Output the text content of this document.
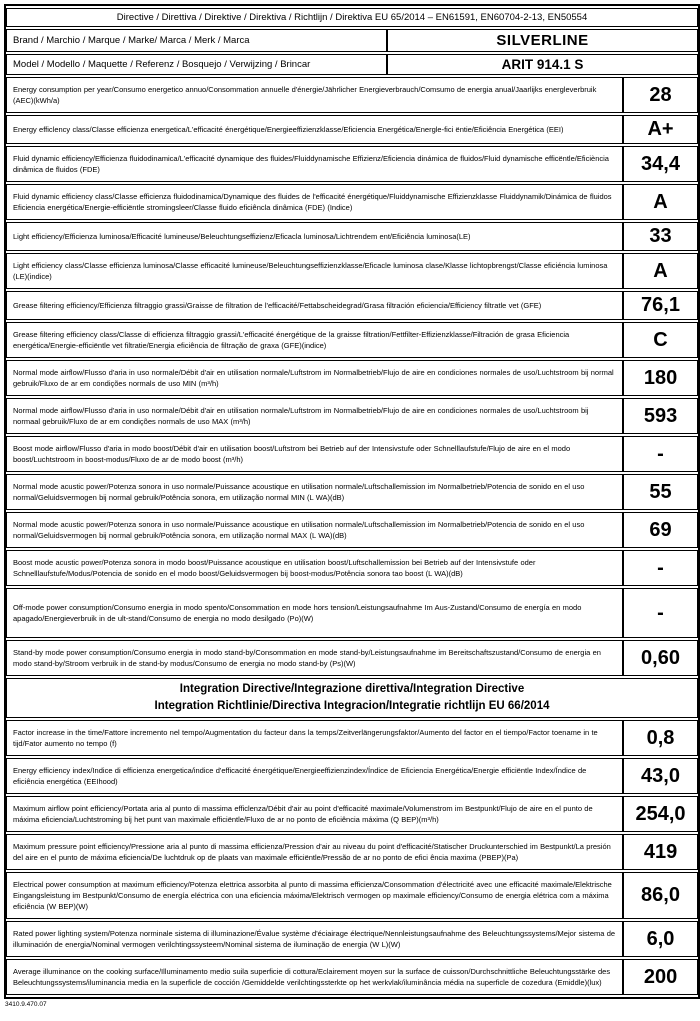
Directive / Direttiva / Direktive / Direktiva / Richtlijn / Direktiva EU 65/2014 – EN61591, EN60704-2-13, EN50554		
Brand / Marchio / Marque / Marke/ Marca / Merk / Marca	SILVERLINE	
Model / Modello / Maquette / Referenz / Bosquejo / Verwijzing / Brincar	ARIT 914.1 S	
Energy consumption per year/Consumo energetico annuo/Consommation annuelle d'énergie/Jährlicher Energieverbrauch/Comsumo de energia anual/Jaarlijks energleverbruik (AEC)(kWh/a)		28
Energy efficlency class/Classe efficienza energetica/L'efficacité énergétique/Energieeffizienzklasse/Eficiencia Energética/Energle-fici ëntie/Eficiência Energética (EEI)		A+
Fluid dynamic efficiency/Efficienza fluidodinamica/L'efficacité dynamique des fluides/Fluiddynamische Effizienz/Eficiencia dinámica de fluidos/Fluid dynamische efficëntle/Eficiència dinâmica de fluidos (FDE)		34,4
Fluid dynamic efficiency class/Classe efficienza fluidodinamica/Dynamique des fluides de l'efficacité énergétique/Fluiddynamische Effizienzklasse Fluiddynamik/Dinámica de fluidos Eficiencia energética/Energie-efficiëntle stromingsleer/Classe fluido eficiêncla dinâmica (FDE) (Indice)		A
Light efficiency/Efficienza luminosa/Efficacité lumineuse/Beleuchtungseffizienz/Eficacla luminosa/Lichtrendem ent/Eficiência luminosa(LE)		33
Light efficiency class/Classe efficienza luminosa/Classe efficacité lumineuse/Beleuchtungseffizienzklasse/Eficacle luminosa clase/Klasse lichtopbrengst/Classe eficiéncia luminosa (LE)(indice)		A
Grease filtering efficiency/Efficienza filtraggio grassi/Graisse de filtration de l'efficacité/Fettabscheidegrad/Grasa filtración eficiencia/Efficiency filtratle vet (GFE)		76,1
Grease filtering efficiency class/Classe di efficienza filtraggio grassi/L'efficacité énergétique de la graisse filtration/Fettfilter-Effizienzklasse/Filtración de grasa Eficiencia energética/Energie-efficiëntle vet filtratie/Energia eficiência de filtração de graxa (GFE)(indice)		C
Normal mode airflow/Flusso d'aria in uso normale/Débit d'air en utilisation normale/Luftstrom im Normalbetrieb/Flujo de aire en condiciones normales de uso/Luchtstroom bij normal gebruik/Fluxo de ar em condições normals de uso MIN (m³/h)		180
Normal mode airflow/Flusso d'aria in uso normale/Débit d'air en utilisation normale/Luftstrom im Normalbetrieb/Flujo de aire en condiciones normales de uso/Luchtstroom bij normaal gebruik/Fluxo de ar em condições normals de uso MAX (m³/h)		593
Boost mode airflow/Flusso d'aria in modo boost/Débit d'air en utilisation boost/Luftstrom bei Betrieb auf der Intensivstufe oder Schnelllaufstufe/Flujo de aire en el modo boost/Luchtstroom in boost-modus/Fluxo de ar de modo boost (m³/h)		-
Normal mode acustic power/Potenza sonora in uso normale/Puissance acoustique en utilisation normale/Luftschallemission im Normalbetrieb/Potencia de sonido en el uso normal/Geluidsvermogen bij normal gebruik/Potência sonora, em utilização normal MIN (L WA)(dB)		55
Normal mode acustic power/Potenza sonora in uso normale/Puissance acoustique en utilisation normale/Luftschallemission im Normalbetrieb/Potencia de sonido en el uso normal/Geluidsvermogen bij normal gebruik/Potência sonora, em utilização normal MAX (L WA)(dB)		69
Boost mode acustic power/Potenza sonora in modo boost/Puissance acoustique en utilisation boost/Luftschallemission bei Betrieb auf der Intensivstufe oder Schnelllaufstufe/Modus/Potencia de sonido en el modo boost/Geluidsvermogen bij boost-modus/Potência sonora tao boost (L WA)(dB)		-
Off-mode power consumption/Consumo energia in modo spento/Consommation en mode hors tension/Leistungsaufnahme Im Aus-Zustand/Consumo de energía en modo apagado/Energieverbruik in de ult-stand/Consumo de energia no modo desilgado (Po)(W)		-
Stand-by mode power consumption/Consumo energia in modo stand-by/Consommation en mode stand-by/Leistungsaufnahme im Bereitschaftszustand/Consumo de energia en modo stand-by/Stroom verbruik in de stand-by modus/Consumo de energia no modo stand-by (Ps)(W)		0,60

Integration Directive/Integrazione direttiva/Integration Directive
Integration Richtlinie/Directiva Integracion/Integratie richtlijn EU 66/2014		

Factor increase in the time/Fattore incremento nel tempo/Augmentation du facteur dans la temps/Zeitverlängerungsfaktor/Aumento del factor en el tiempo/Factor toename in te tijd/Fator aumento no tempo (f)		0,8
Energy efficiency index/Indice di efficienza energetica/indice d'efficacité énergétique/Energieeffizienzindex/Índice de Eficiencia Energética/Energie efficiëntle Index/Índice de eficiência energética (EEIhood)		43,0
Maximum airflow point efficiency/Portata aria al punto di massima efficlenza/Débit d'air au point d'efficacité maximale/Volumenstrom im Bestpunkt/Flujo de aire en el punto de máxima eficiencia/Luchtstroming bij het punt van maximale efficiëntle/Fluxo de ar no ponto de eficiência máxima (Q BEP)(m³/h)		254,0
Maximum pressure point efficiency/Pressione aria al punto di massima efficienza/Pression d'air au niveau du point d'efficacité/Statischer Druckunterschied im Bestpunkt/La presión del aire en el punto de máxima eficiencia/De luchtdruk op de plaats van maximale efficiëntle/Pressão de ar no ponto de efici ência maxima (PBEP)(Pa)		419
Electrical power consumption at maximum efficiency/Potenza elettrica assorbita al punto di massima efficienza/Consommation d'électricité avec une efficacité maximale/Elektrische Eingangsleistung im Bestpunkt/Consumo de energía eléctrica con una eficiencia máxima/Elektrisch vermogen op maximale efficiency/Consumo de energia elétrica com a máxima eficiência (W BEP)(W)		86,0
Rated power lighting system/Potenza norminale sistema di illuminazione/Évalue système d'éciairage électrique/Nennleistungsaufnahme des Beleuchtungssystems/Mejor sistema de illuminación de energia/Nominal vermogen verilchtingssysteem/Nominal sistema de iluminação de energia (W L)(W)		6,0
Average illuminance on the cooking surface/Illuminamento medio suila superficie di cottura/Eclairement moyen sur la surface de cuisson/Durchschnittliche Beleuchtungsstärke des Beleuchtungssystems/iluminancia media en la superficle de cocción /Gemiddelde verilchtingssterkte op het werkvlak/iluminância média na superficle de cozedura (Emiddle)(lux)		200
3410.9.470.07
